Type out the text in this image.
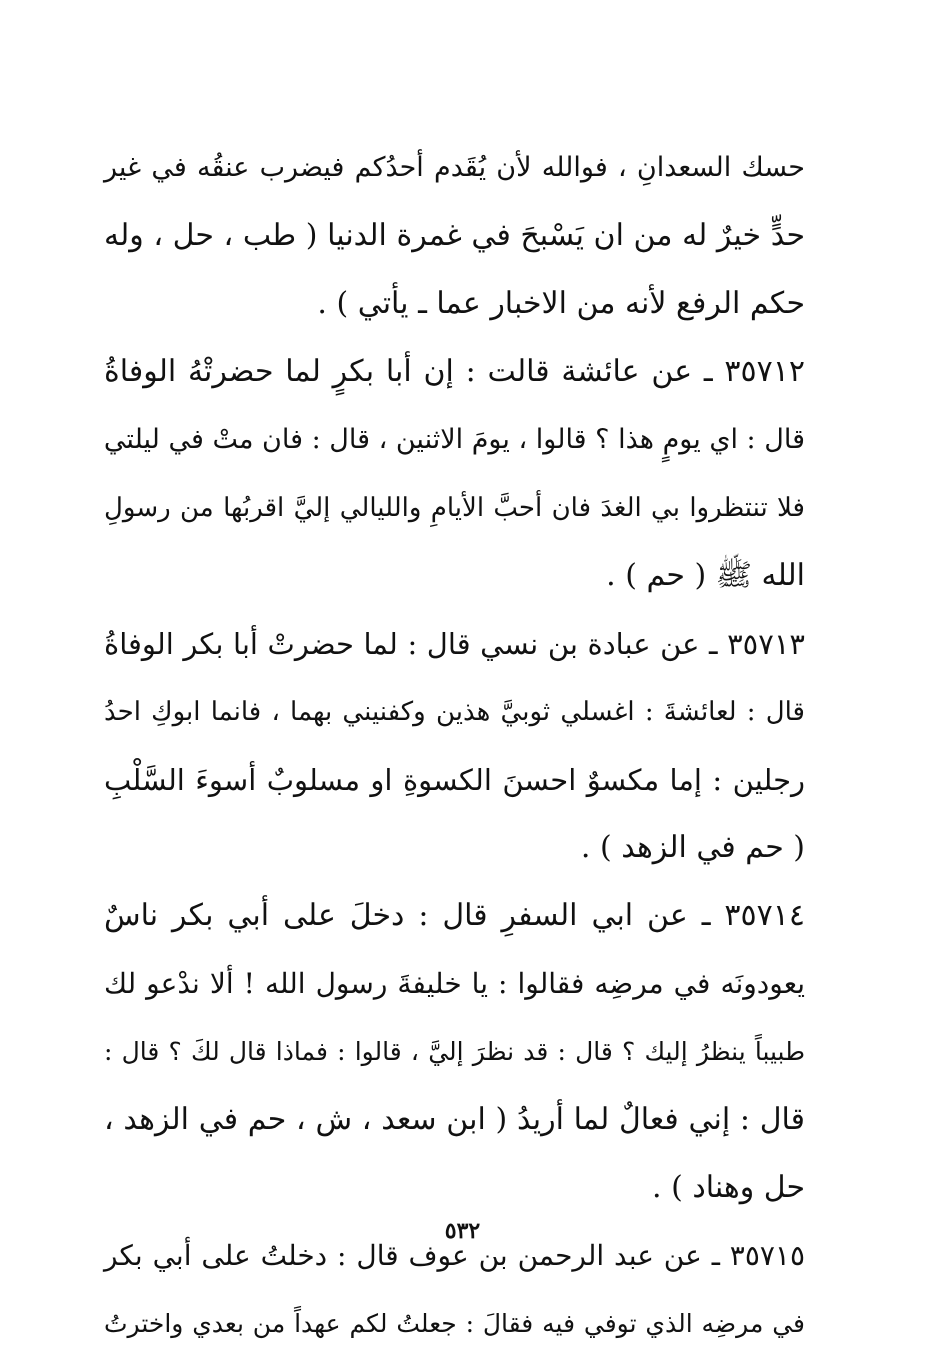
حسك السعدانِ ، فوالله لأن يُقَدم أحدُكم فيضرب عنقُه في غير
حدٍّ خيرٌ له من ان يَسْبحَ في غمرة الدنيا ( طب ، حل ، وله
حكم الرفع لأنه من الاخبار عما ـ يأتي ) .
٣٥٧١٢ ـ عن عائشة قالت : إن أبا بكرٍ لما حضرتْهُ الوفاةُ
قال : اي يومٍ هذا ؟ قالوا ، يومَ الاثنين ، قال : فان متْ في ليلتي
فلا تنتظروا بي الغدَ فان أحبَّ الأيامِ والليالي إليَّ اقربُها من رسولِ
الله ﷺ ( حم ) .
٣٥٧١٣ ـ عن عبادة بن نسي قال : لما حضرتْ أبا بكر الوفاةُ
قال : لعائشةَ : اغسلي ثوبيَّ هذين وكفنيني بهما ، فانما ابوكِ احدُ
رجلين : إما مكسوٌ احسنَ الكسوةِ او مسلوبٌ أسوءَ السَّلْبِ
( حم في الزهد ) .
٣٥٧١٤ ـ عن ابي السفرِ قال : دخلَ على أبي بكر ناسٌ
يعودونَه في مرضِه فقالوا : يا خليفةَ رسول الله ! ألا ندْعو لك
طبيباً ينظرُ إليك ؟ قال : قد نظرَ إليَّ ، قالوا : فماذا قال لكَ ؟ قال :
قال : إني فعالٌ لما أريدُ ( ابن سعد ، ش ، حم في الزهد ،
حل وهناد ) .
٣٥٧١٥ ـ عن عبد الرحمن بن عوف قال : دخلتُ على أبي بكر
في مرضِه الذي توفي فيه فقالَ : جعلتُ لكم عهداً من بعدي واخترتُ
٥٣٢
